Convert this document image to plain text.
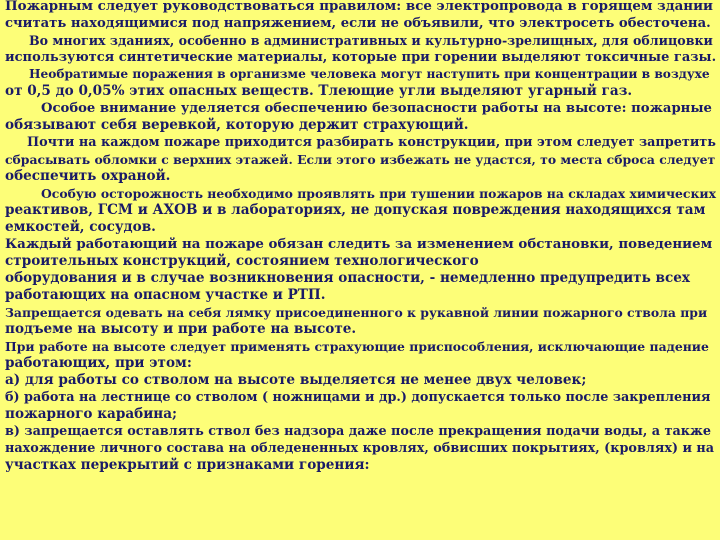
Пожарным следует руководствоваться правилом: все электропровода в горящем здании
считать находящимися под напряжением, если не объявили, что электросеть обесточена.
Во многих зданиях, особенно в административных и культурно-зрелищных, для облицовки
используются синтетические материалы, которые при горении выделяют токсичные газы.
Необратимые поражения в организме человека могут наступить при концентрации в воздухе
от 0,5 до 0,05% этих опасных веществ. Тлеющие угли выделяют угарный газ.
Особое внимание уделяется обеспечению безопасности работы на высоте: пожарные
обязывают себя веревкой, которую держит страхующий.
Почти на каждом пожаре приходится разбирать конструкции, при этом следует запретить
сбрасывать обломки с верхних этажей. Если этого избежать не удастся, то места сброса следует
обеспечить охраной.
Особую осторожность необходимо проявлять при тушении пожаров на складах химических
реактивов, ГСМ и АХОВ и в лабораториях, не допуская повреждения находящихся там
емкостей, сосудов.
Каждый работающий на пожаре обязан следить за изменением обстановки, поведением
строительных конструкций, состоянием технологического
оборудования и в случае возникновения опасности, - немедленно предупредить всех
работающих на опасном участке и РТП.
Запрещается одевать на себя лямку присоединенного к рукавной линии пожарного ствола при
подъеме на высоту и при работе на высоте.
При работе на высоте следует применять страхующие приспособления, исключающие падение
работающих, при этом:
а) для работы со стволом на высоте выделяется не менее двух человек;
б) работа на лестнице со стволом ( ножницами и др.) допускается только после закрепления
пожарного карабина;
в) запрещается оставлять ствол без надзора даже после прекращения подачи воды, а также
нахождение личного состава на обледененных кровлях, обвисших покрытиях, (кровлях) и на
участках перекрытий с признаками горения:
